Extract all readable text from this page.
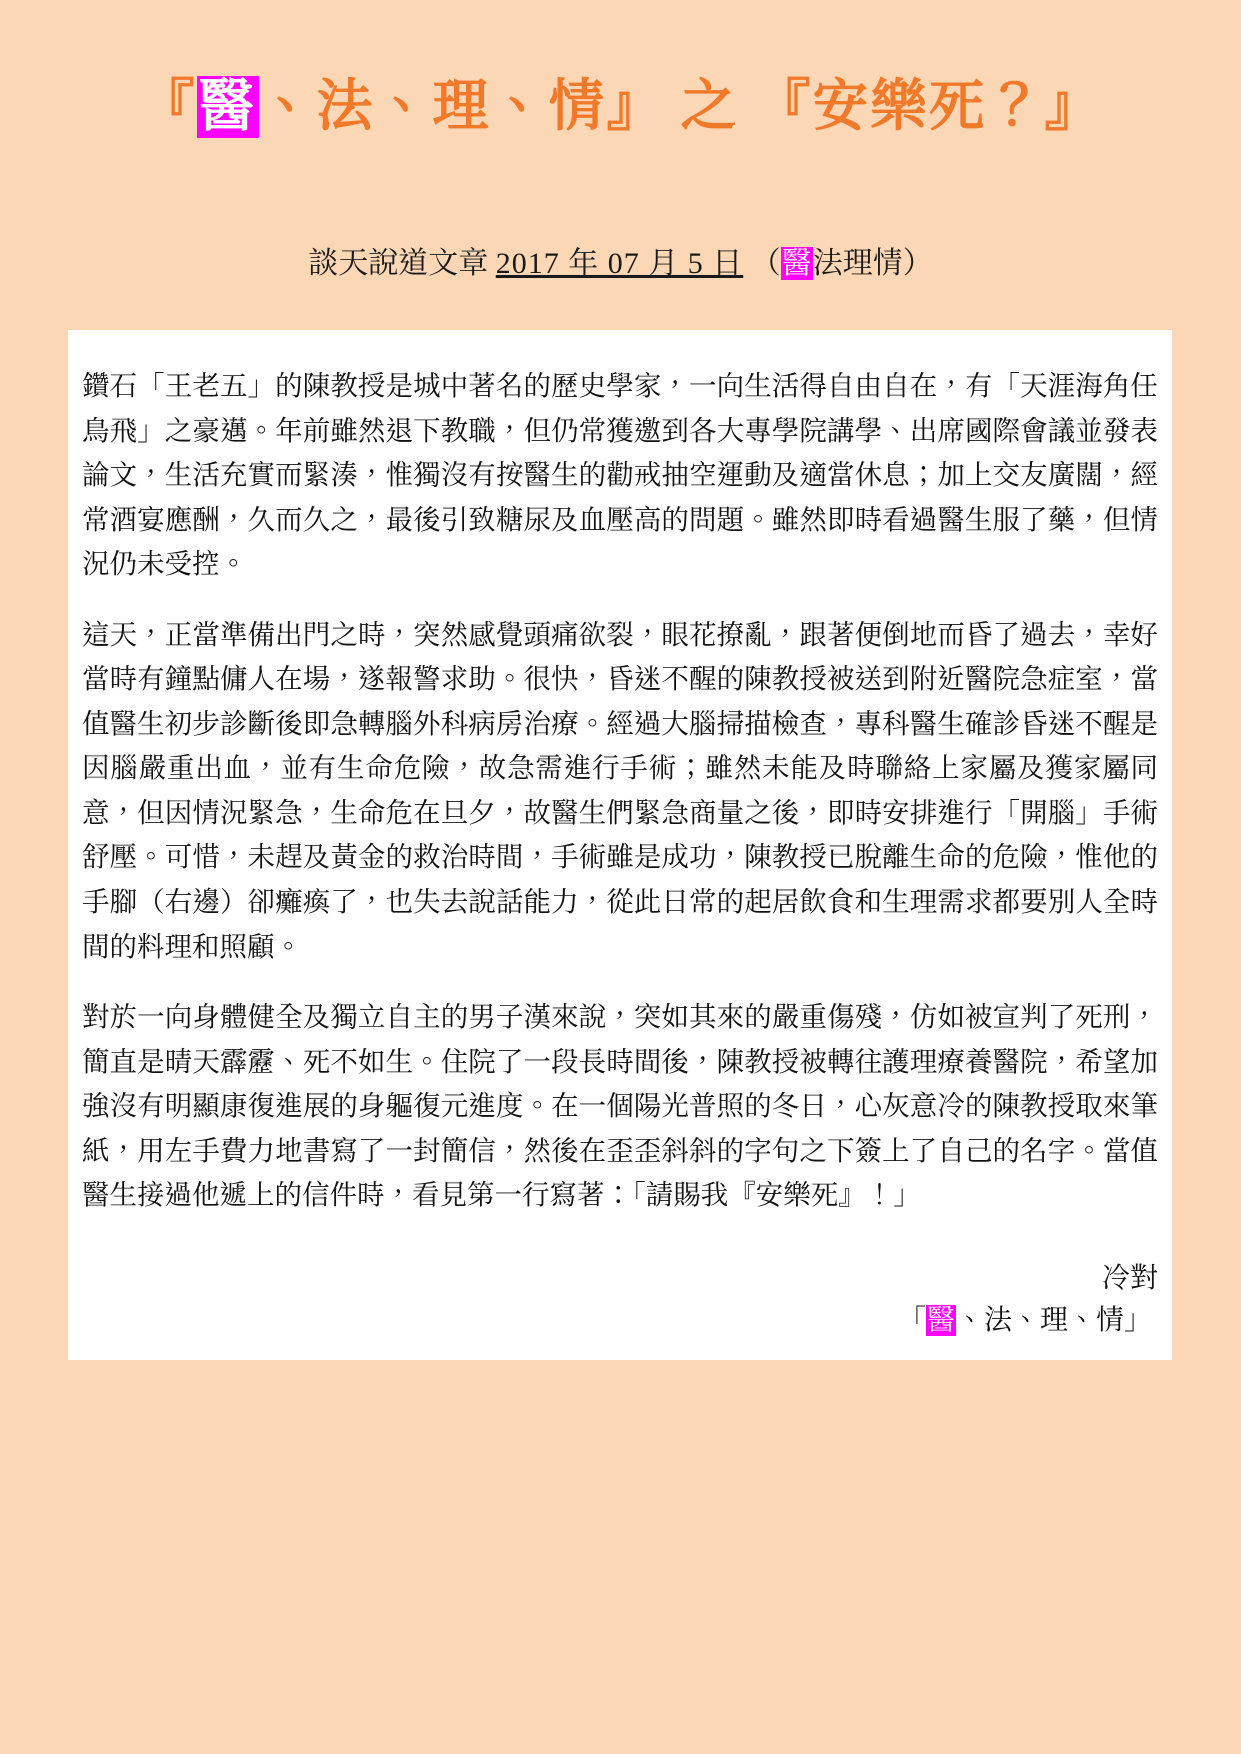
『醫、法、理、情』 之 『安樂死？』
談天說道文章 2017 年 07 月 5 日 （醫法理情）

鑽石「王老五」的陳教授是城中著名的歷史學家，一向生活得自由自在，有「天涯海角任鳥飛」之豪邁。年前雖然退下教職，但仍常獲邀到各大專學院講學、出席國際會議並發表論文，生活充實而緊湊，惟獨沒有按醫生的勸戒抽空運動及適當休息；加上交友廣闊，經常酒宴應酬，久而久之，最後引致糖尿及血壓高的問題。雖然即時看過醫生服了藥，但情況仍未受控。

這天，正當準備出門之時，突然感覺頭痛欲裂，眼花撩亂，跟著便倒地而昏了過去，幸好當時有鐘點傭人在場，遂報警求助。很快，昏迷不醒的陳教授被送到附近醫院急症室，當值醫生初步診斷後即急轉腦外科病房治療。經過大腦掃描檢查，專科醫生確診昏迷不醒是因腦嚴重出血，並有生命危險，故急需進行手術；雖然未能及時聯絡上家屬及獲家屬同意，但因情況緊急，生命危在旦夕，故醫生們緊急商量之後，即時安排進行「開腦」手術舒壓。可惜，未趕及黃金的救治時間，手術雖是成功，陳教授已脫離生命的危險，惟他的手腳（右邊）卻癱瘓了，也失去說話能力，從此日常的起居飲食和生理需求都要別人全時間的料理和照顧。

對於一向身體健全及獨立自主的男子漢來說，突如其來的嚴重傷殘，仿如被宣判了死刑，簡直是晴天霹靂、死不如生。住院了一段長時間後，陳教授被轉往護理療養醫院，希望加強沒有明顯康復進展的身軀復元進度。在一個陽光普照的冬日，心灰意冷的陳教授取來筆紙，用左手費力地書寫了一封簡信，然後在歪歪斜斜的字句之下簽上了自己的名字。當值醫生接過他遞上的信件時，看見第一行寫著：「請賜我『安樂死』！」

冷對
「醫、法、理、情」
